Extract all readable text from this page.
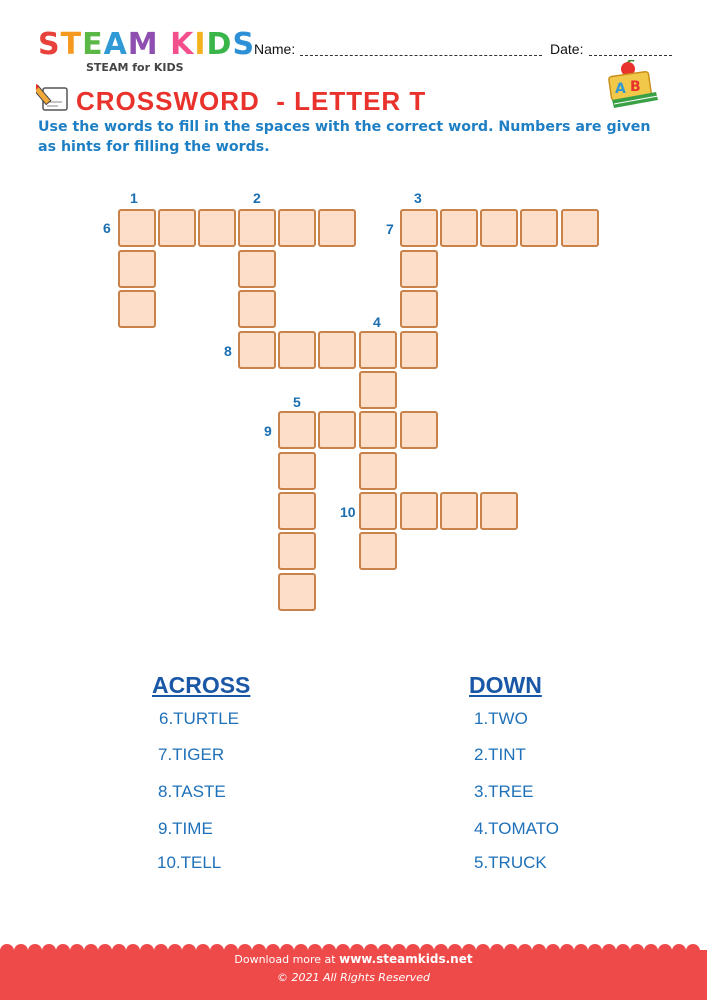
STEAM KIDS
STEAM for KIDS
Name:	Date:
CROSSWORD  - LETTER T	A B
Use the words to fill in the spaces with the correct word. Numbers are given as hints for filling the words.
1	2	3
4
5
6	7
8
9
10
ACROSS	DOWN
6.TURTLE
7.TIGER
8.TASTE
9.TIME
10.TELL
1.TWO
2.TINT
3.TREE
4.TOMATO
5.TRUCK
Download more at www.steamkids.net
© 2021 All Rights Reserved
